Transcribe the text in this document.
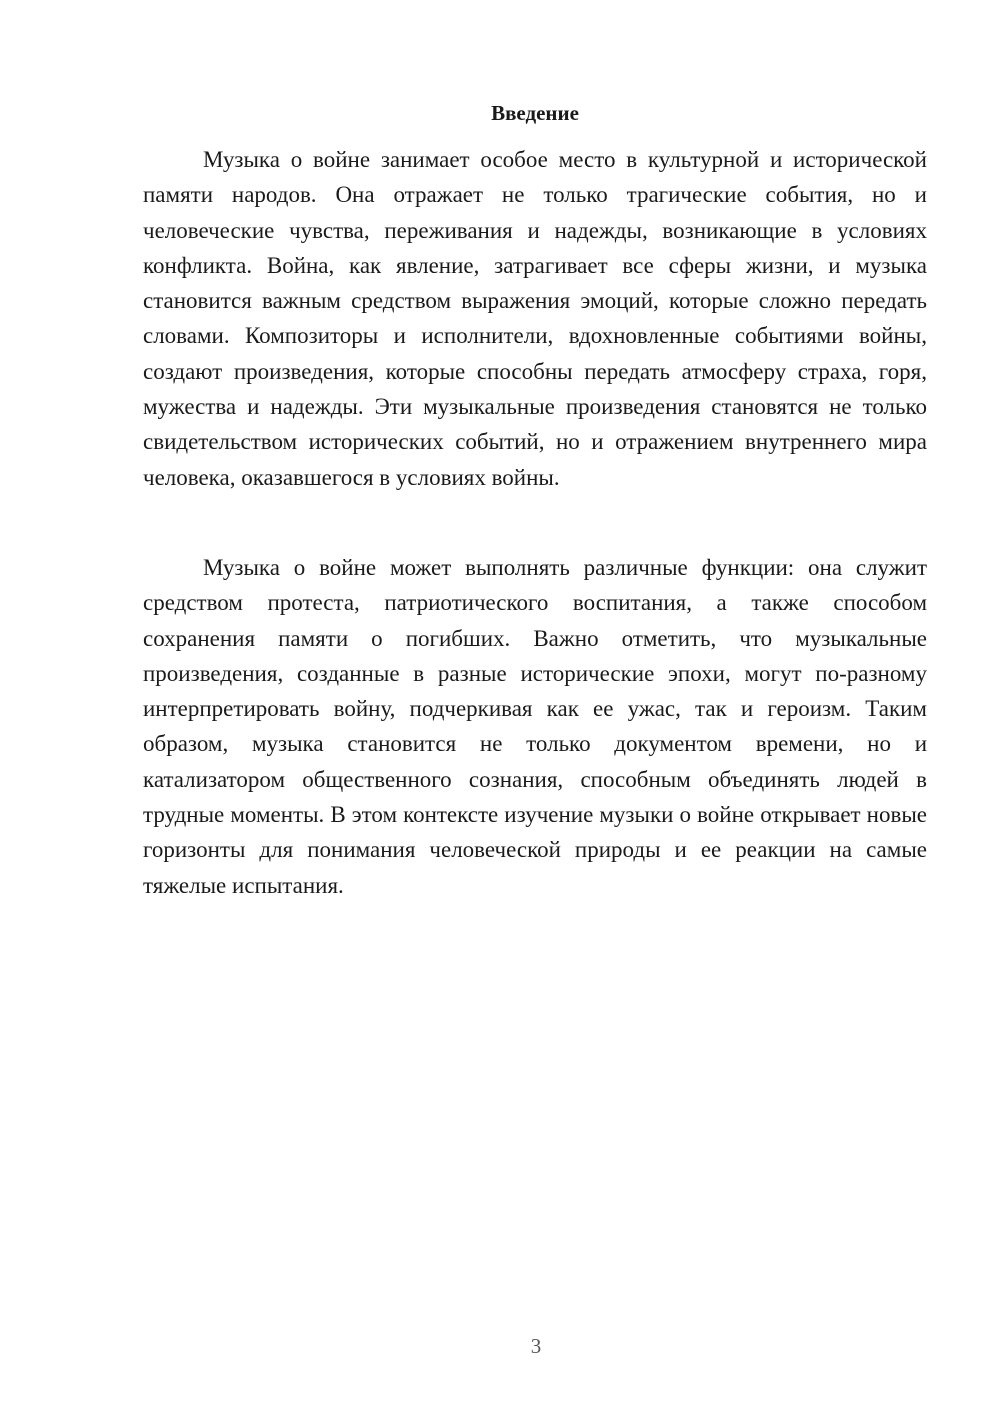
Введение

Музыка о войне занимает особое место в культурной и исторической памяти народов. Она отражает не только трагические события, но и человеческие чувства, переживания и надежды, возникающие в условиях конфликта. Война, как явление, затрагивает все сферы жизни, и музыка становится важным средством выражения эмоций, которые сложно передать словами. Композиторы и исполнители, вдохновленные событиями войны, создают произведения, которые способны передать атмосферу страха, горя, мужества и надежды. Эти музыкальные произведения становятся не только свидетельством исторических событий, но и отражением внутреннего мира человека, оказавшегося в условиях войны.

Музыка о войне может выполнять различные функции: она служит средством протеста, патриотического воспитания, а также способом сохранения памяти о погибших. Важно отметить, что музыкальные произведения, созданные в разные исторические эпохи, могут по-разному интерпретировать войну, подчеркивая как ее ужас, так и героизм. Таким образом, музыка становится не только документом времени, но и катализатором общественного сознания, способным объединять людей в трудные моменты. В этом контексте изучение музыки о войне открывает новые горизонты для понимания человеческой природы и ее реакции на самые тяжелые испытания.

3
